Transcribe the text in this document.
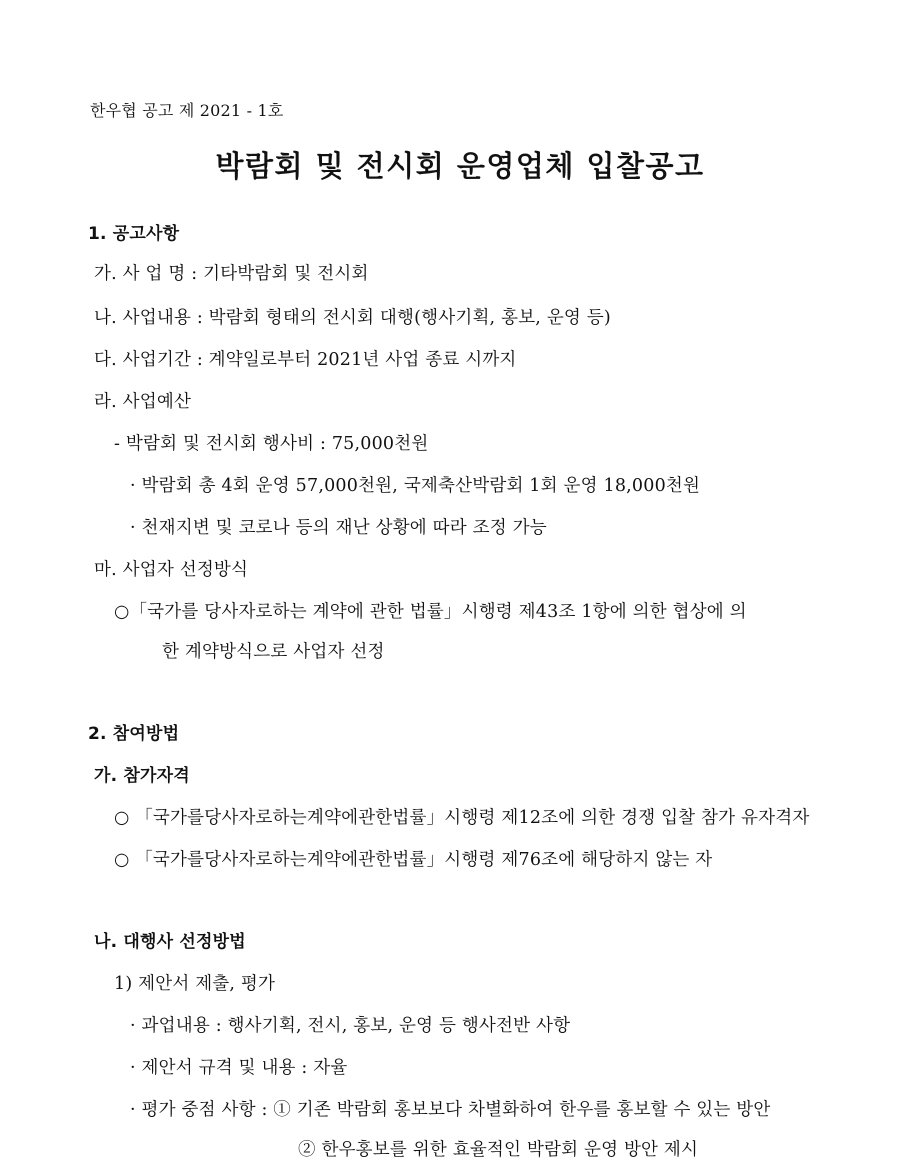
한우협 공고 제 2021 - 1호
박람회 및 전시회 운영업체 입찰공고
1. 공고사항
가. 사 업 명 : 기타박람회 및 전시회
나. 사업내용 : 박람회 형태의 전시회 대행(행사기획, 홍보, 운영 등)
다. 사업기간 : 계약일로부터 2021년 사업 종료 시까지
라. 사업예산
- 박람회 및 전시회 행사비 : 75,000천원
· 박람회 총 4회 운영 57,000천원, 국제축산박람회 1회 운영 18,000천원
· 천재지변 및 코로나 등의 재난 상황에 따라 조정 가능
마. 사업자 선정방식
○「국가를 당사자로하는 계약에 관한 법률」시행령 제43조 1항에 의한 협상에 의
한 계약방식으로 사업자 선정
2. 참여방법
가. 참가자격
○ 「국가를당사자로하는계약에관한법률」시행령 제12조에 의한 경쟁 입찰 참가 유자격자
○ 「국가를당사자로하는계약에관한법률」시행령 제76조에 해당하지 않는 자
나. 대행사 선정방법
1) 제안서 제출, 평가
· 과업내용 : 행사기획, 전시, 홍보, 운영 등 행사전반 사항
· 제안서 규격 및 내용 : 자율
· 평가 중점 사항 : ① 기존 박람회 홍보보다 차별화하여 한우를 홍보할 수 있는 방안
② 한우홍보를 위한 효율적인 박람회 운영 방안 제시
